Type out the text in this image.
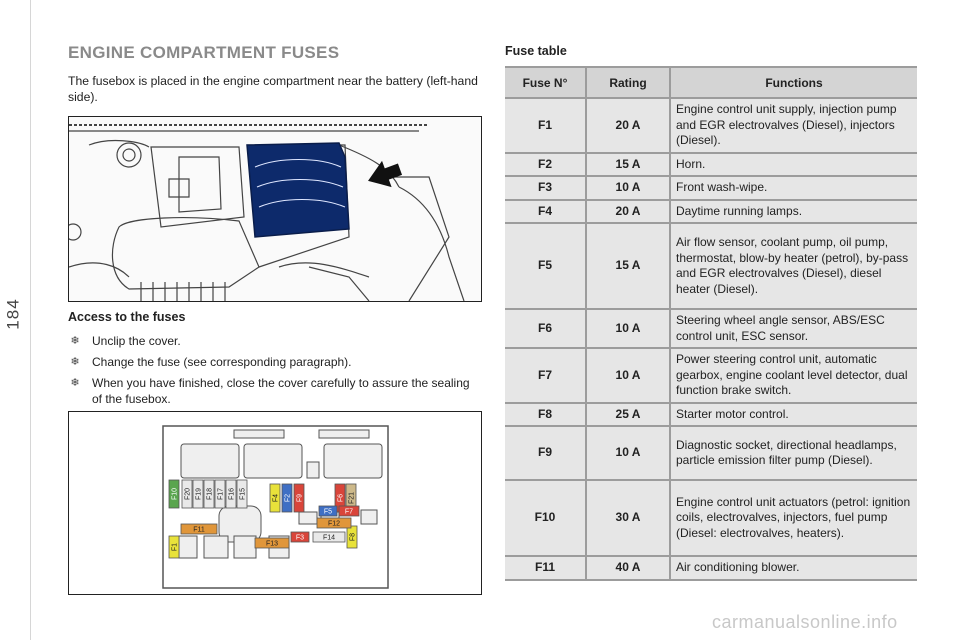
184
ENGINE COMPARTMENT FUSES
The fusebox is placed in the engine compartment near the battery (left-hand side).
Access to the fuses
❄ Unclip the cover.
❄ Change the fuse (see corresponding paragraph).
❄ When you have finished, close the cover carefully to assure the sealing of the fusebox.
F10 F20 F19 F18 F17 F16 F15	F4 F2 F9	F6 F21
F1
F8
F5 F7
F11
F12
F13
F3	F14
Fuse table
Fuse N°	Rating	Functions
F1	20 A	Engine control unit supply, injection pump and EGR electrovalves (Diesel), injectors (Diesel).
F2	15 A	Horn.
F3	10 A	Front wash-wipe.
F4	20 A	Daytime running lamps.
F5	15 A	Air flow sensor, coolant pump, oil pump, thermostat, blow-by heater (petrol), by-pass and EGR electrovalves (Diesel), diesel heater (Diesel).
F6	10 A	Steering wheel angle sensor, ABS/ESC control unit, ESC sensor.
F7	10 A	Power steering control unit, automatic gearbox, engine coolant level detector, dual function brake switch.
F8	25 A	Starter motor control.
F9	10 A	Diagnostic socket, directional headlamps, particle emission filter pump (Diesel).
F10	30 A	Engine control unit actuators (petrol: ignition coils, electrovalves, injectors, fuel pump (Diesel: electrovalves, heaters).
F11	40 A	Air conditioning blower.
carmanualsonline.info
